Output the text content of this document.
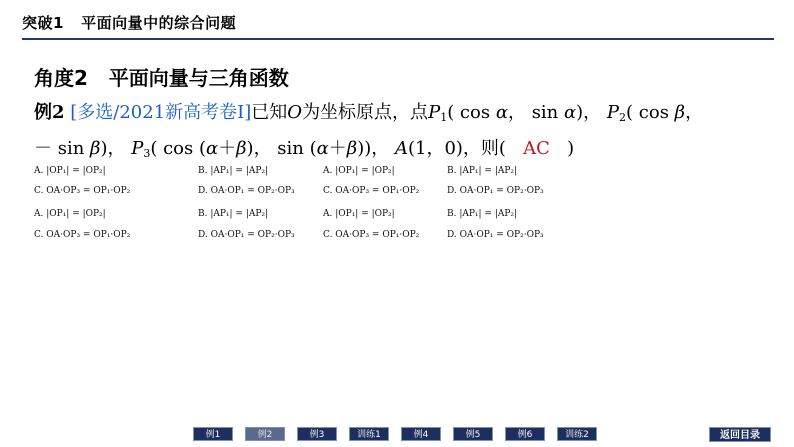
突破1   平面向量中的综合问题
角度2   平面向量与三角函数
例2 [多选/2021新高考卷Ⅰ]已知O为坐标原点，点$P_1$( cos α， sin α)， $P_2$( cos β，
－ sin β)， $P_3$( cos (α＋β)， sin (α＋β))， A(1，0)，则( AC )
A. |OP₁| = |OP₂|	B. |AP₁| = |AP₂|	A. |OP₁| = |OP₂|	B. |AP₁| = |AP₂|
C. OA·OP₃ = OP₁·OP₂	D. OA·OP₁ = OP₂·OP₃	C. OA·OP₃ = OP₁·OP₂	D. OA·OP₁ = OP₂·OP₃
A. |OP₁| = |OP₂|	B. |AP₁| = |AP₂|	A. |OP₁| = |OP₂|	B. |AP₁| = |AP₂|
C. OA·OP₃ = OP₁·OP₂	D. OA·OP₁ = OP₂·OP₃	C. OA·OP₃ = OP₁·OP₂	D. OA·OP₁ = OP₂·OP₃
例1	例2	例3	训练1	例4	例5	例6	训练2	返回目录
